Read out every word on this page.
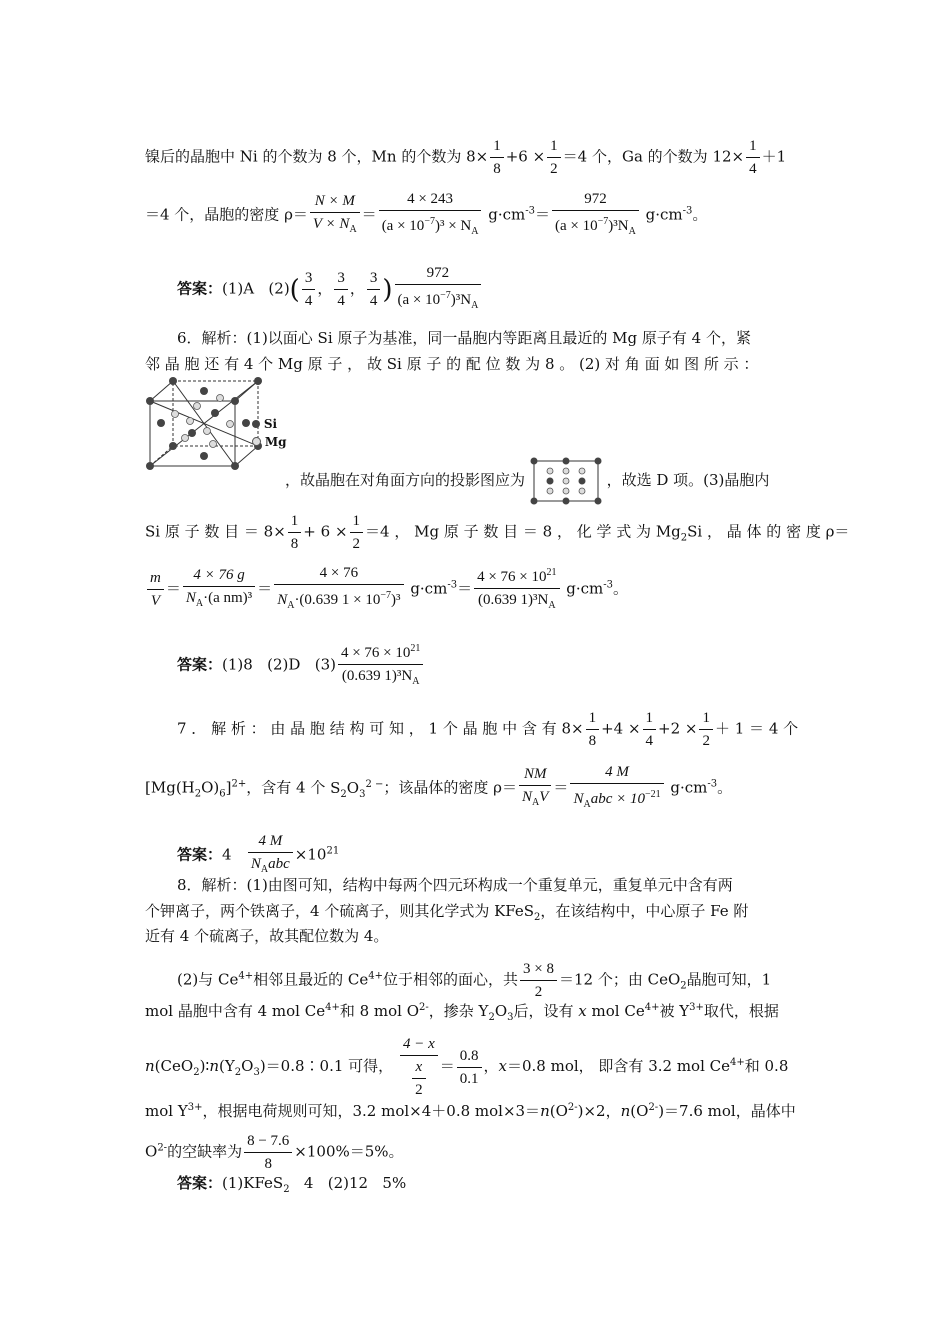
镍后的晶胞中 Ni 的个数为 8 个，Mn 的个数为 $8\times \frac{1}{8} +6 \times \frac{1}{2} =4$ 个，Ga 的个数为 $12\times \frac{1}{4} +1$
＝4 个，晶胞的密度 $\rho= \frac{N \times M}{V \times N_A} = \frac{4 \times 243}{(a \times 10^{-7})^3 \times N_A} g\cdot cm^{-3}= \frac{972}{(a \times 10^{-7})^3N_A} g\cdot cm^{-3}$。
答案：(1)A $(2)( \frac{3}{4}$ ， $\frac{3}{4}$ ， $\frac{3}{4}$ ) $\frac{972}{(a \times 10^{-7})^3N_A}$
6．解析：(1)以面心 Si 原子为基准，同一晶胞内等距离且最近的 Mg 原子有 4 个，紧
邻 晶 胞 还 有 4 个 Mg 原 子 ， 故 Si 原 子 的 配 位 数 为 8 。 (2) 对 角 面 如 图 所 示 ：
Si
Mg
，故晶胞在对角面方向的投影图应为	，故选 D 项。(3)晶胞内
Si 原 子 数 目 ＝ $8\times \frac{1}{8} + 6 \times \frac{1}{2} =4$ ， Mg 原 子 数 目 ＝ 8 ， 化 学 式 为 $Mg_2Si$ ， 晶 体 的 密 度 ρ＝
$\frac{m}{V} = \frac{4 \times 76 g}{N_A\cdot(a nm)^3} = \frac{4 \times 76}{N_A\cdot(0.639 1 \times 10^{-7})^3} g\cdot cm^{-3}= \frac{4 \times 76 \times 10^{21}}{(0.639 1)^3N_A} g\cdot cm^{-3}$。
答案：(1)8 (2)D $(3) \frac{4 \times 76 \times 10^{21}}{(0.639 1)^3N_A}$
7 ． 解 析 ： 由 晶 胞 结 构 可 知 ， 1 个 晶 胞 中 含 有 $8\times \frac{1}{8} +4 \times \frac{1}{4} +2 \times \frac{1}{2} + 1 = 4$ 个
$[Mg(H_2O)_6]^{2+}$，含有 4 个 $S_2O_3^{2 -}$；该晶体的密度 $\rho= \frac{NM}{N_AV} = \frac{4 M}{N_Aabc \times 10^{-21}} g\cdot cm^{-3}$。
答案：$4 \frac{4 M}{N_Aabc} \times 10^{21}$
8．解析：(1)由图可知，结构中每两个四元环构成一个重复单元，重复单元中含有两
个钾离子，两个铁离子，4 个硫离子，则其化学式为 KFeS$_2$，在该结构中，中心原子 Fe 附
近有 4 个硫离子，故其配位数为 4。
(2)与 $Ce^{4+}$相邻且最近的 $Ce^{4+}$位于相邻的面心，共 $\frac{3 \times 8}{2} =12$ 个；由 CeO$_2$晶胞可知，1
mol 晶胞中含有 4 mol $Ce^{4+}$和 8 mol $O^{2-}$，掺杂 $Y_2O_3$后，设有 x mol $Ce^{4+}$被 $Y^{3+}$取代，根据
$n(CeO_2)∶n(Y_2O_3)=0.8∶0.1$ 可得， $\frac{4 - x}{\frac{x}{2}} = \frac{0.8}{0.1}$ ，x＝0.8 mol， 即含有 3.2 mol $Ce^{4+}$和 0.8
mol $Y^{3+}$，根据电荷规则可知，3.2 mol×4＋0.8 $mol\times 3=n(O^{2-})\times 2$，$n(O^{2-})=7.6$ mol，晶体中
$O^{2-}$的空缺率为 $\frac{8 - 7.6}{8} \times 100\%=5\%$。
答案：(1)KFeS$_2$ 4 (2)12 5%
